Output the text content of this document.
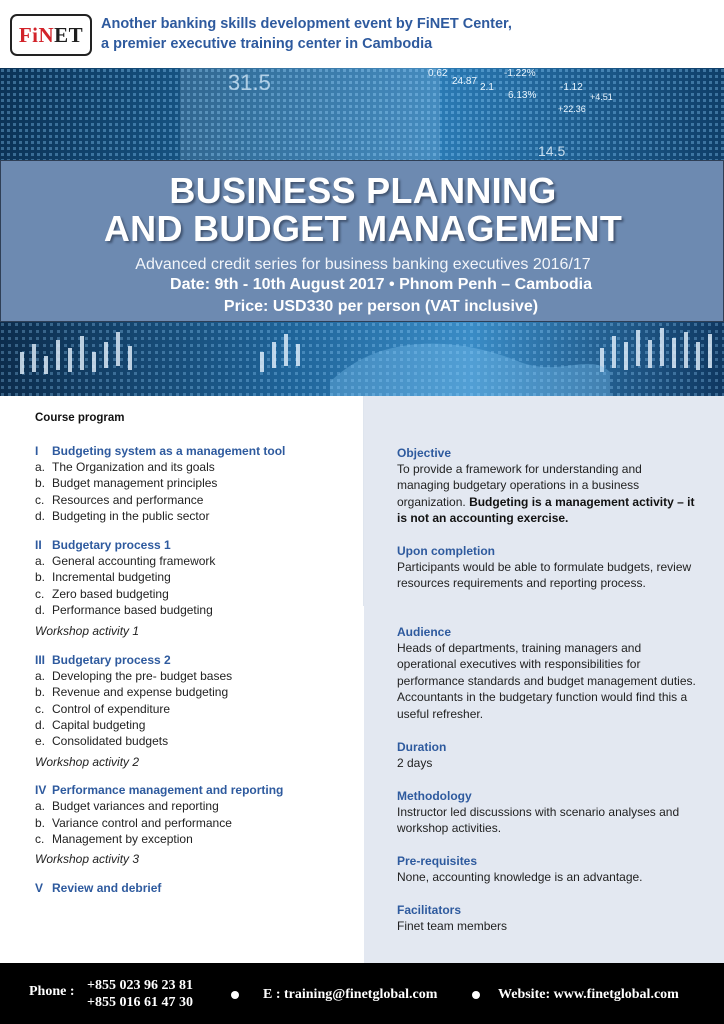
FiNET Another banking skills development event by FiNET Center,
a premier executive training center in Cambodia
31.5	0.62
24.87
2.1
6.13%
-1.22%
-1.12
+22.36
+4.51
14.5
BUSINESS PLANNING
AND BUDGET MANAGEMENT
Advanced credit series for business banking executives 2016/17
Date: 9th - 10th August 2017 • Phnom Penh – Cambodia
Price: USD330 per person (VAT inclusive)
Course program
I Budgeting system as a management tool
a. The Organization and its goals
b. Budget management principles
c. Resources and performance
d. Budgeting in the public sector
II Budgetary process 1
a. General accounting framework
b. Incremental budgeting
c. Zero based budgeting
d. Performance based budgeting
Workshop activity 1
III Budgetary process 2
a. Developing the pre- budget bases
b. Revenue and expense budgeting
c. Control of expenditure
d. Capital budgeting
e. Consolidated budgets
Workshop activity 2
IV Performance management and reporting
a. Budget variances and reporting
b. Variance control and performance
c. Management by exception
Workshop activity 3
V Review and debrief
Objective
To provide a framework for understanding and managing budgetary operations in a business organization. Budgeting is a management activity – it is not an accounting exercise.
Upon completion
Participants would be able to formulate budgets, review resources requirements and reporting process.
Audience
Heads of departments, training managers and operational executives with responsibilities for performance standards and budget management duties. Accountants in the budgetary function would find this a useful refresher.
Duration
2 days
Methodology
Instructor led discussions with scenario analyses and workshop activities.
Pre-requisites
None, accounting knowledge is an advantage.
Facilitators
Finet team members
Phone : +855 023 96 23 81
+855 016 61 47 30
E : training@finetglobal.com	Website: www.finetglobal.com
